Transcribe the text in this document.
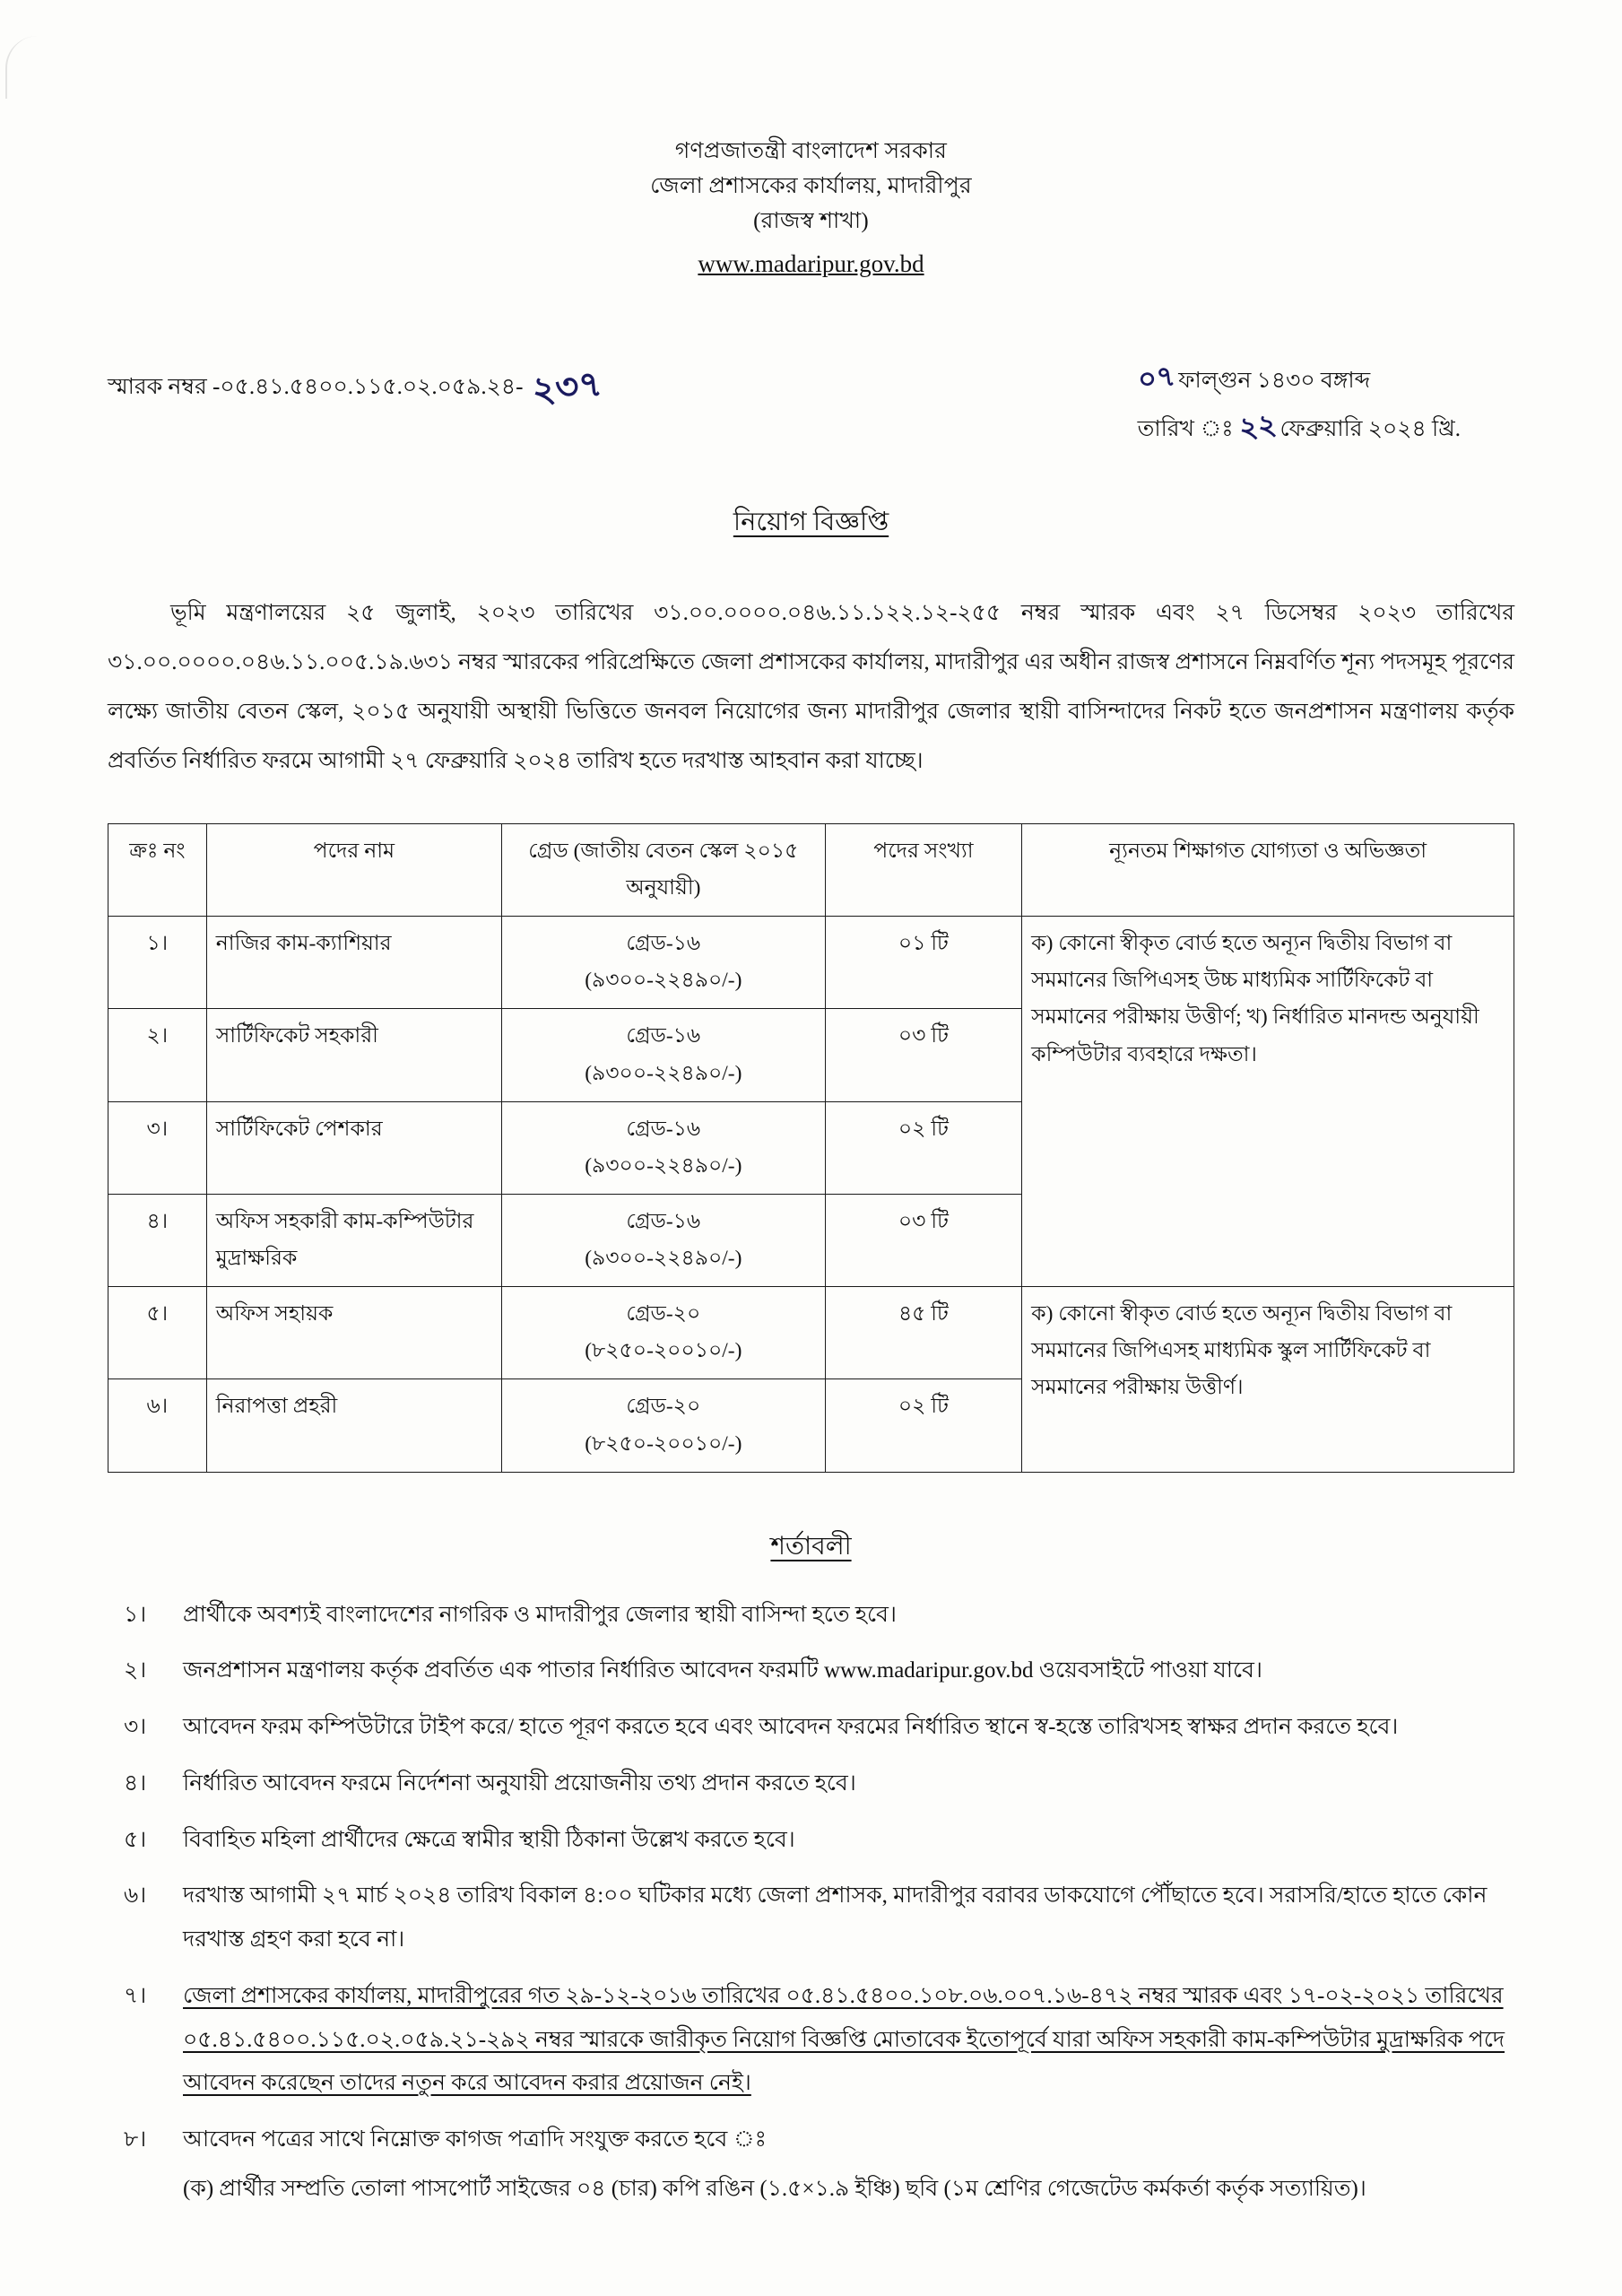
গণপ্রজাতন্ত্রী বাংলাদেশ সরকার
জেলা প্রশাসকের কার্যালয়, মাদারীপুর
(রাজস্ব শাখা)
www.madaripur.gov.bd
স্মারক নম্বর -০৫.৪১.৫৪০০.১১৫.০২.০৫৯.২৪- ২৩৭	০৭ফাল্গুন ১৪৩০ বঙ্গাব্দ
তারিখ ঃ ২২ফেব্রুয়ারি ২০২৪ খ্রি.
নিয়োগ বিজ্ঞপ্তি
ভূমি মন্ত্রণালয়ের ২৫ জুলাই, ২০২৩ তারিখের ৩১.০০.০০০০.০৪৬.১১.১২২.১২-২৫৫ নম্বর স্মারক এবং ২৭ ডিসেম্বর ২০২৩ তারিখের ৩১.০০.০০০০.০৪৬.১১.০০৫.১৯.৬৩১ নম্বর স্মারকের পরিপ্রেক্ষিতে জেলা প্রশাসকের কার্যালয়, মাদারীপুর এর অধীন রাজস্ব প্রশাসনে নিম্নবর্ণিত শূন্য পদসমূহ পূরণের লক্ষ্যে জাতীয় বেতন স্কেল, ২০১৫ অনুযায়ী অস্থায়ী ভিত্তিতে জনবল নিয়োগের জন্য মাদারীপুর জেলার স্থায়ী বাসিন্দাদের নিকট হতে জনপ্রশাসন মন্ত্রণালয় কর্তৃক প্রবর্তিত নির্ধারিত ফরমে আগামী ২৭ ফেব্রুয়ারি ২০২৪ তারিখ হতে দরখাস্ত আহবান করা যাচ্ছে।
ক্রঃ নং	পদের নাম	গ্রেড (জাতীয় বেতন স্কেল ২০১৫ অনুযায়ী)	পদের সংখ্যা	ন্যূনতম শিক্ষাগত যোগ্যতা ও অভিজ্ঞতা
১।	নাজির কাম-ক্যাশিয়ার	গ্রেড-১৬
(৯৩০০-২২৪৯০/-)	০১ টি	ক) কোনো স্বীকৃত বোর্ড হতে অন্যূন দ্বিতীয় বিভাগ বা সমমানের জিপিএসহ উচ্চ মাধ্যমিক সার্টিফিকেট বা সমমানের পরীক্ষায় উত্তীর্ণ; খ) নির্ধারিত মানদন্ড অনুযায়ী কম্পিউটার ব্যবহারে দক্ষতা।
২।	সার্টিফিকেট সহকারী	গ্রেড-১৬
(৯৩০০-২২৪৯০/-)	০৩ টি	
৩।	সার্টিফিকেট পেশকার	গ্রেড-১৬
(৯৩০০-২২৪৯০/-)	০২ টি	
৪।	অফিস সহকারী কাম-কম্পিউটার মুদ্রাক্ষরিক	গ্রেড-১৬
(৯৩০০-২২৪৯০/-)	০৩ টি	
৫।	অফিস সহায়ক	গ্রেড-২০
(৮২৫০-২০০১০/-)	৪৫ টি	ক) কোনো স্বীকৃত বোর্ড হতে অন্যূন দ্বিতীয় বিভাগ বা সমমানের জিপিএসহ মাধ্যমিক স্কুল সার্টিফিকেট বা সমমানের পরীক্ষায় উত্তীর্ণ।
৬।	নিরাপত্তা প্রহরী	গ্রেড-২০
(৮২৫০-২০০১০/-)	০২ টি	
শর্তাবলী
১।	প্রার্থীকে অবশ্যই বাংলাদেশের নাগরিক ও মাদারীপুর জেলার স্থায়ী বাসিন্দা হতে হবে।
২।	জনপ্রশাসন মন্ত্রণালয় কর্তৃক প্রবর্তিত এক পাতার নির্ধারিত আবেদন ফরমটি www.madaripur.gov.bd ওয়েবসাইটে পাওয়া যাবে।
৩।	আবেদন ফরম কম্পিউটারে টাইপ করে/ হাতে পূরণ করতে হবে এবং আবেদন ফরমের নির্ধারিত স্থানে স্ব-হস্তে তারিখসহ স্বাক্ষর প্রদান করতে হবে।
৪।	নির্ধারিত আবেদন ফরমে নির্দেশনা অনুযায়ী প্রয়োজনীয় তথ্য প্রদান করতে হবে।
৫।	বিবাহিত মহিলা প্রার্থীদের ক্ষেত্রে স্বামীর স্থায়ী ঠিকানা উল্লেখ করতে হবে।
৬।	দরখাস্ত আগামী ২৭ মার্চ ২০২৪ তারিখ বিকাল ৪:০০ ঘটিকার মধ্যে জেলা প্রশাসক, মাদারীপুর বরাবর ডাকযোগে পৌঁছাতে হবে। সরাসরি/হাতে হাতে কোন দরখাস্ত গ্রহণ করা হবে না।
৭।	জেলা প্রশাসকের কার্যালয়, মাদারীপুরের গত ২৯-১২-২০১৬ তারিখের ০৫.৪১.৫৪০০.১০৮.০৬.০০৭.১৬-৪৭২ নম্বর স্মারক এবং ১৭-০২-২০২১ তারিখের ০৫.৪১.৫৪০০.১১৫.০২.০৫৯.২১-২৯২ নম্বর স্মারকে জারীকৃত নিয়োগ বিজ্ঞপ্তি মোতাবেক ইতোপূর্বে যারা অফিস সহকারী কাম-কম্পিউটার মুদ্রাক্ষরিক পদে আবেদন করেছেন তাদের নতুন করে আবেদন করার প্রয়োজন নেই।
৮।	আবেদন পত্রের সাথে নিম্নোক্ত কাগজ পত্রাদি সংযুক্ত করতে হবে ঃ
(ক) প্রার্থীর সম্প্রতি তোলা পাসপোর্ট সাইজের ০৪ (চার) কপি রঙিন (১.৫×১.৯ ইঞ্চি) ছবি (১ম শ্রেণির গেজেটেড কর্মকর্তা কর্তৃক সত্যায়িত)।
